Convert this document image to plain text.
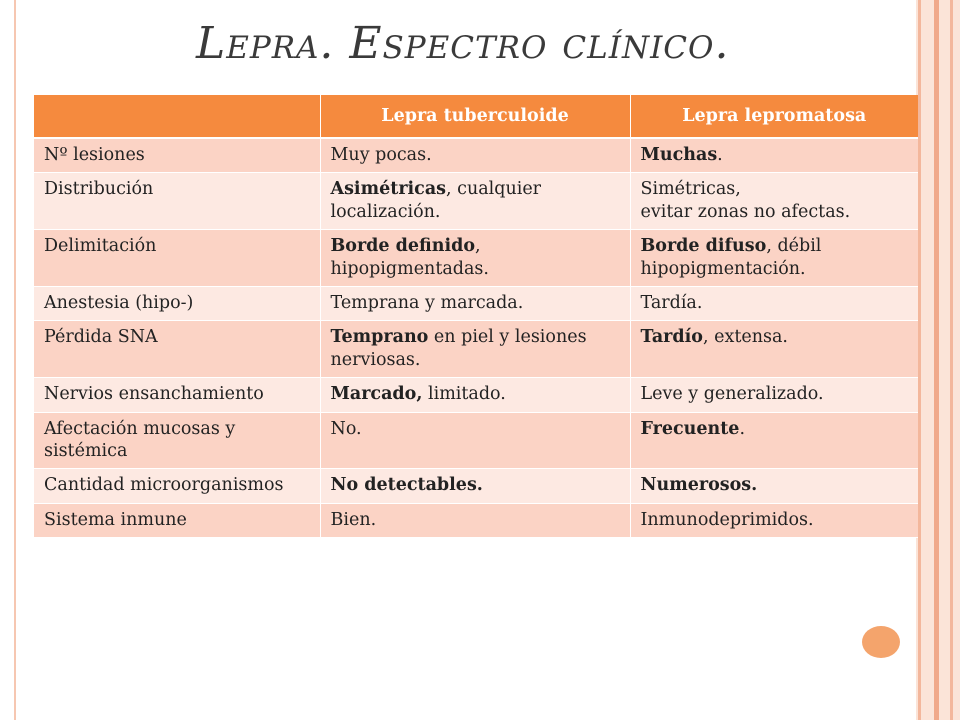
Lepra. Espectro clínico.
	Lepra tuberculoide	Lepra lepromatosa
Nº lesiones	Muy pocas.	Muchas.
Distribución	Asimétricas, cualquier localización.	Simétricas,
evitar zonas no afectas.
Delimitación	Borde definido, hipopigmentadas.	Borde difuso, débil hipopigmentación.
Anestesia (hipo-)	Temprana y marcada.	Tardía.
Pérdida SNA	Temprano en piel y lesiones nerviosas.	Tardío, extensa.
Nervios ensanchamiento	Marcado, limitado.	Leve y generalizado.
Afectación mucosas y sistémica	No.	Frecuente.
Cantidad microorganismos	No detectables.	Numerosos.
Sistema inmune	Bien.	Inmunodeprimidos.
